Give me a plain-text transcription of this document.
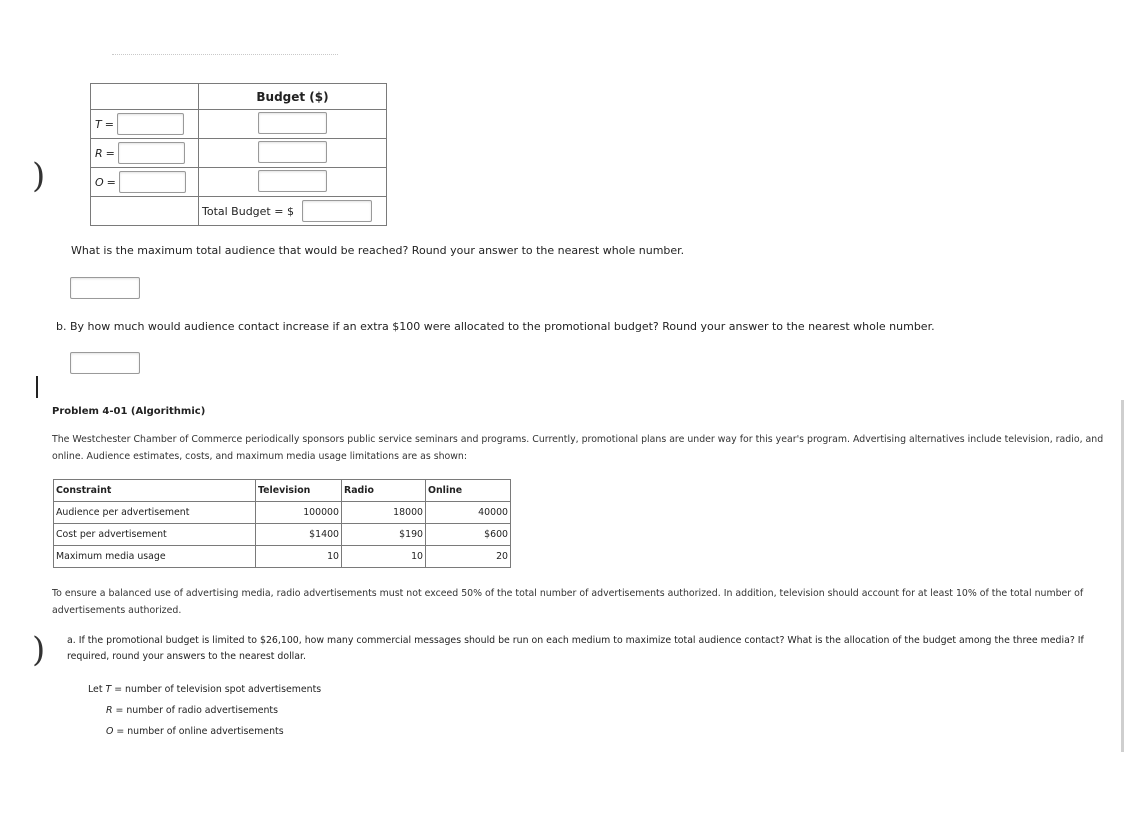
	Budget ($)

T =	

R =	

O =	

	Total Budget = $
)
What is the maximum total audience that would be reached? Round your answer to the nearest whole number.
b. By how much would audience contact increase if an extra $100 were allocated to the promotional budget? Round your answer to the nearest whole number.
Problem 4-01 (Algorithmic)
The Westchester Chamber of Commerce periodically sponsors public service seminars and programs. Currently, promotional plans are under way for this year's program. Advertising alternatives include television, radio, and online. Audience estimates, costs, and maximum media usage limitations are as shown:
Constraint	Television	Radio	Online
Audience per advertisement	100000	18000	40000
Cost per advertisement	$1400	$190	$600
Maximum media usage	10	10	20
To ensure a balanced use of advertising media, radio advertisements must not exceed 50% of the total number of advertisements authorized. In addition, television should account for at least 10% of the total number of advertisements authorized.
) a. If the promotional budget is limited to $26,100, how many commercial messages should be run on each medium to maximize total audience contact? What is the allocation of the budget among the three media? If required, round your answers to the nearest dollar.
Let T = number of television spot advertisements
R = number of radio advertisements
O = number of online advertisements
